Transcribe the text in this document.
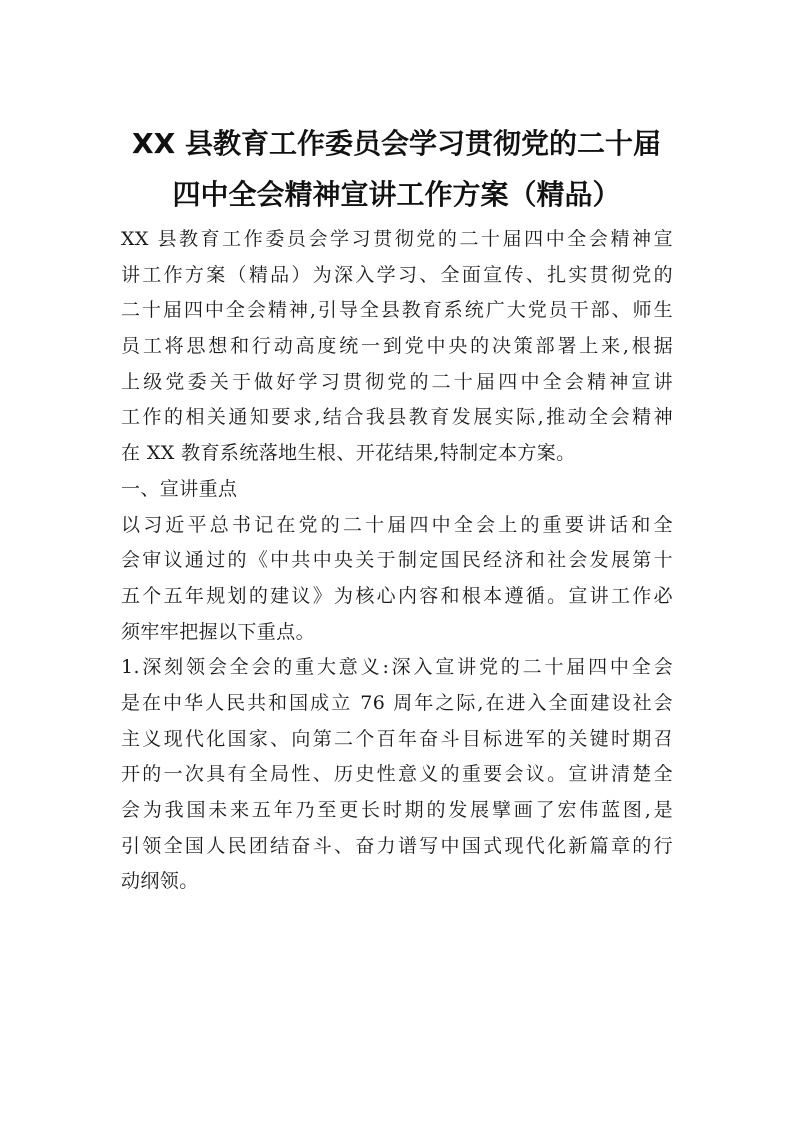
XX 县教育工作委员会学习贯彻党的二十届
四中全会精神宣讲工作方案（精品）
XX 县教育工作委员会学习贯彻党的二十届四中全会精神宣
讲工作方案（精品）为深入学习、全面宣传、扎实贯彻党的
二十届四中全会精神,引导全县教育系统广大党员干部、师生
员工将思想和行动高度统一到党中央的决策部署上来,根据
上级党委关于做好学习贯彻党的二十届四中全会精神宣讲
工作的相关通知要求,结合我县教育发展实际,推动全会精神
在 XX 教育系统落地生根、开花结果,特制定本方案。
一、宣讲重点
以习近平总书记在党的二十届四中全会上的重要讲话和全
会审议通过的《中共中央关于制定国民经济和社会发展第十
五个五年规划的建议》为核心内容和根本遵循。宣讲工作必
须牢牢把握以下重点。
1.深刻领会全会的重大意义:深入宣讲党的二十届四中全会
是在中华人民共和国成立 76 周年之际,在进入全面建设社会
主义现代化国家、向第二个百年奋斗目标进军的关键时期召
开的一次具有全局性、历史性意义的重要会议。宣讲清楚全
会为我国未来五年乃至更长时期的发展擘画了宏伟蓝图,是
引领全国人民团结奋斗、奋力谱写中国式现代化新篇章的行
动纲领。
